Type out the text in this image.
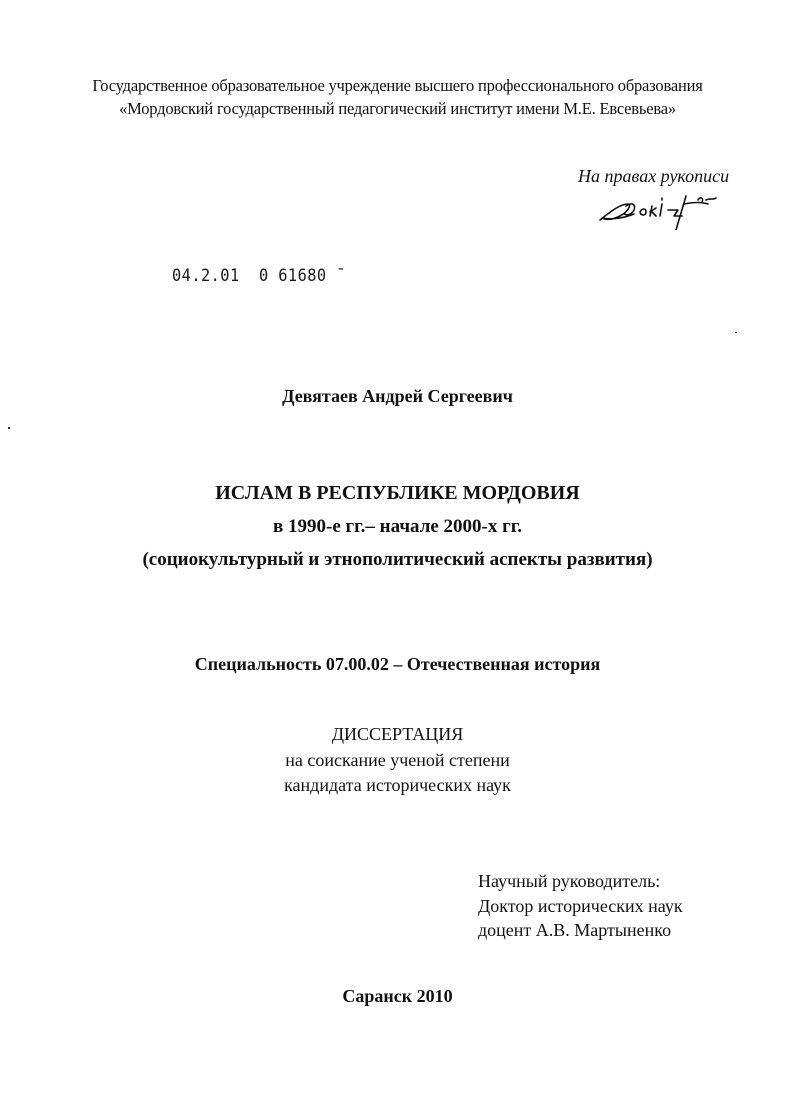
Государственное образовательное учреждение высшего профессионального образования
«Мордовский государственный педагогический институт имени М.Е. Евсевьева»
На правах рукописи
04.2.01  0 61680 ˉ
Девятаев Андрей Сергеевич
ИСЛАМ В РЕСПУБЛИКЕ МОРДОВИЯ
в 1990-е гг.– начале 2000-х гг.
(социокультурный и этнополитический аспекты развития)
Специальность 07.00.02 – Отечественная история
ДИССЕРТАЦИЯ
на соискание ученой степени
кандидата исторических наук
Научный руководитель:
Доктор исторических наук
доцент А.В. Мартыненко
Саранск 2010
